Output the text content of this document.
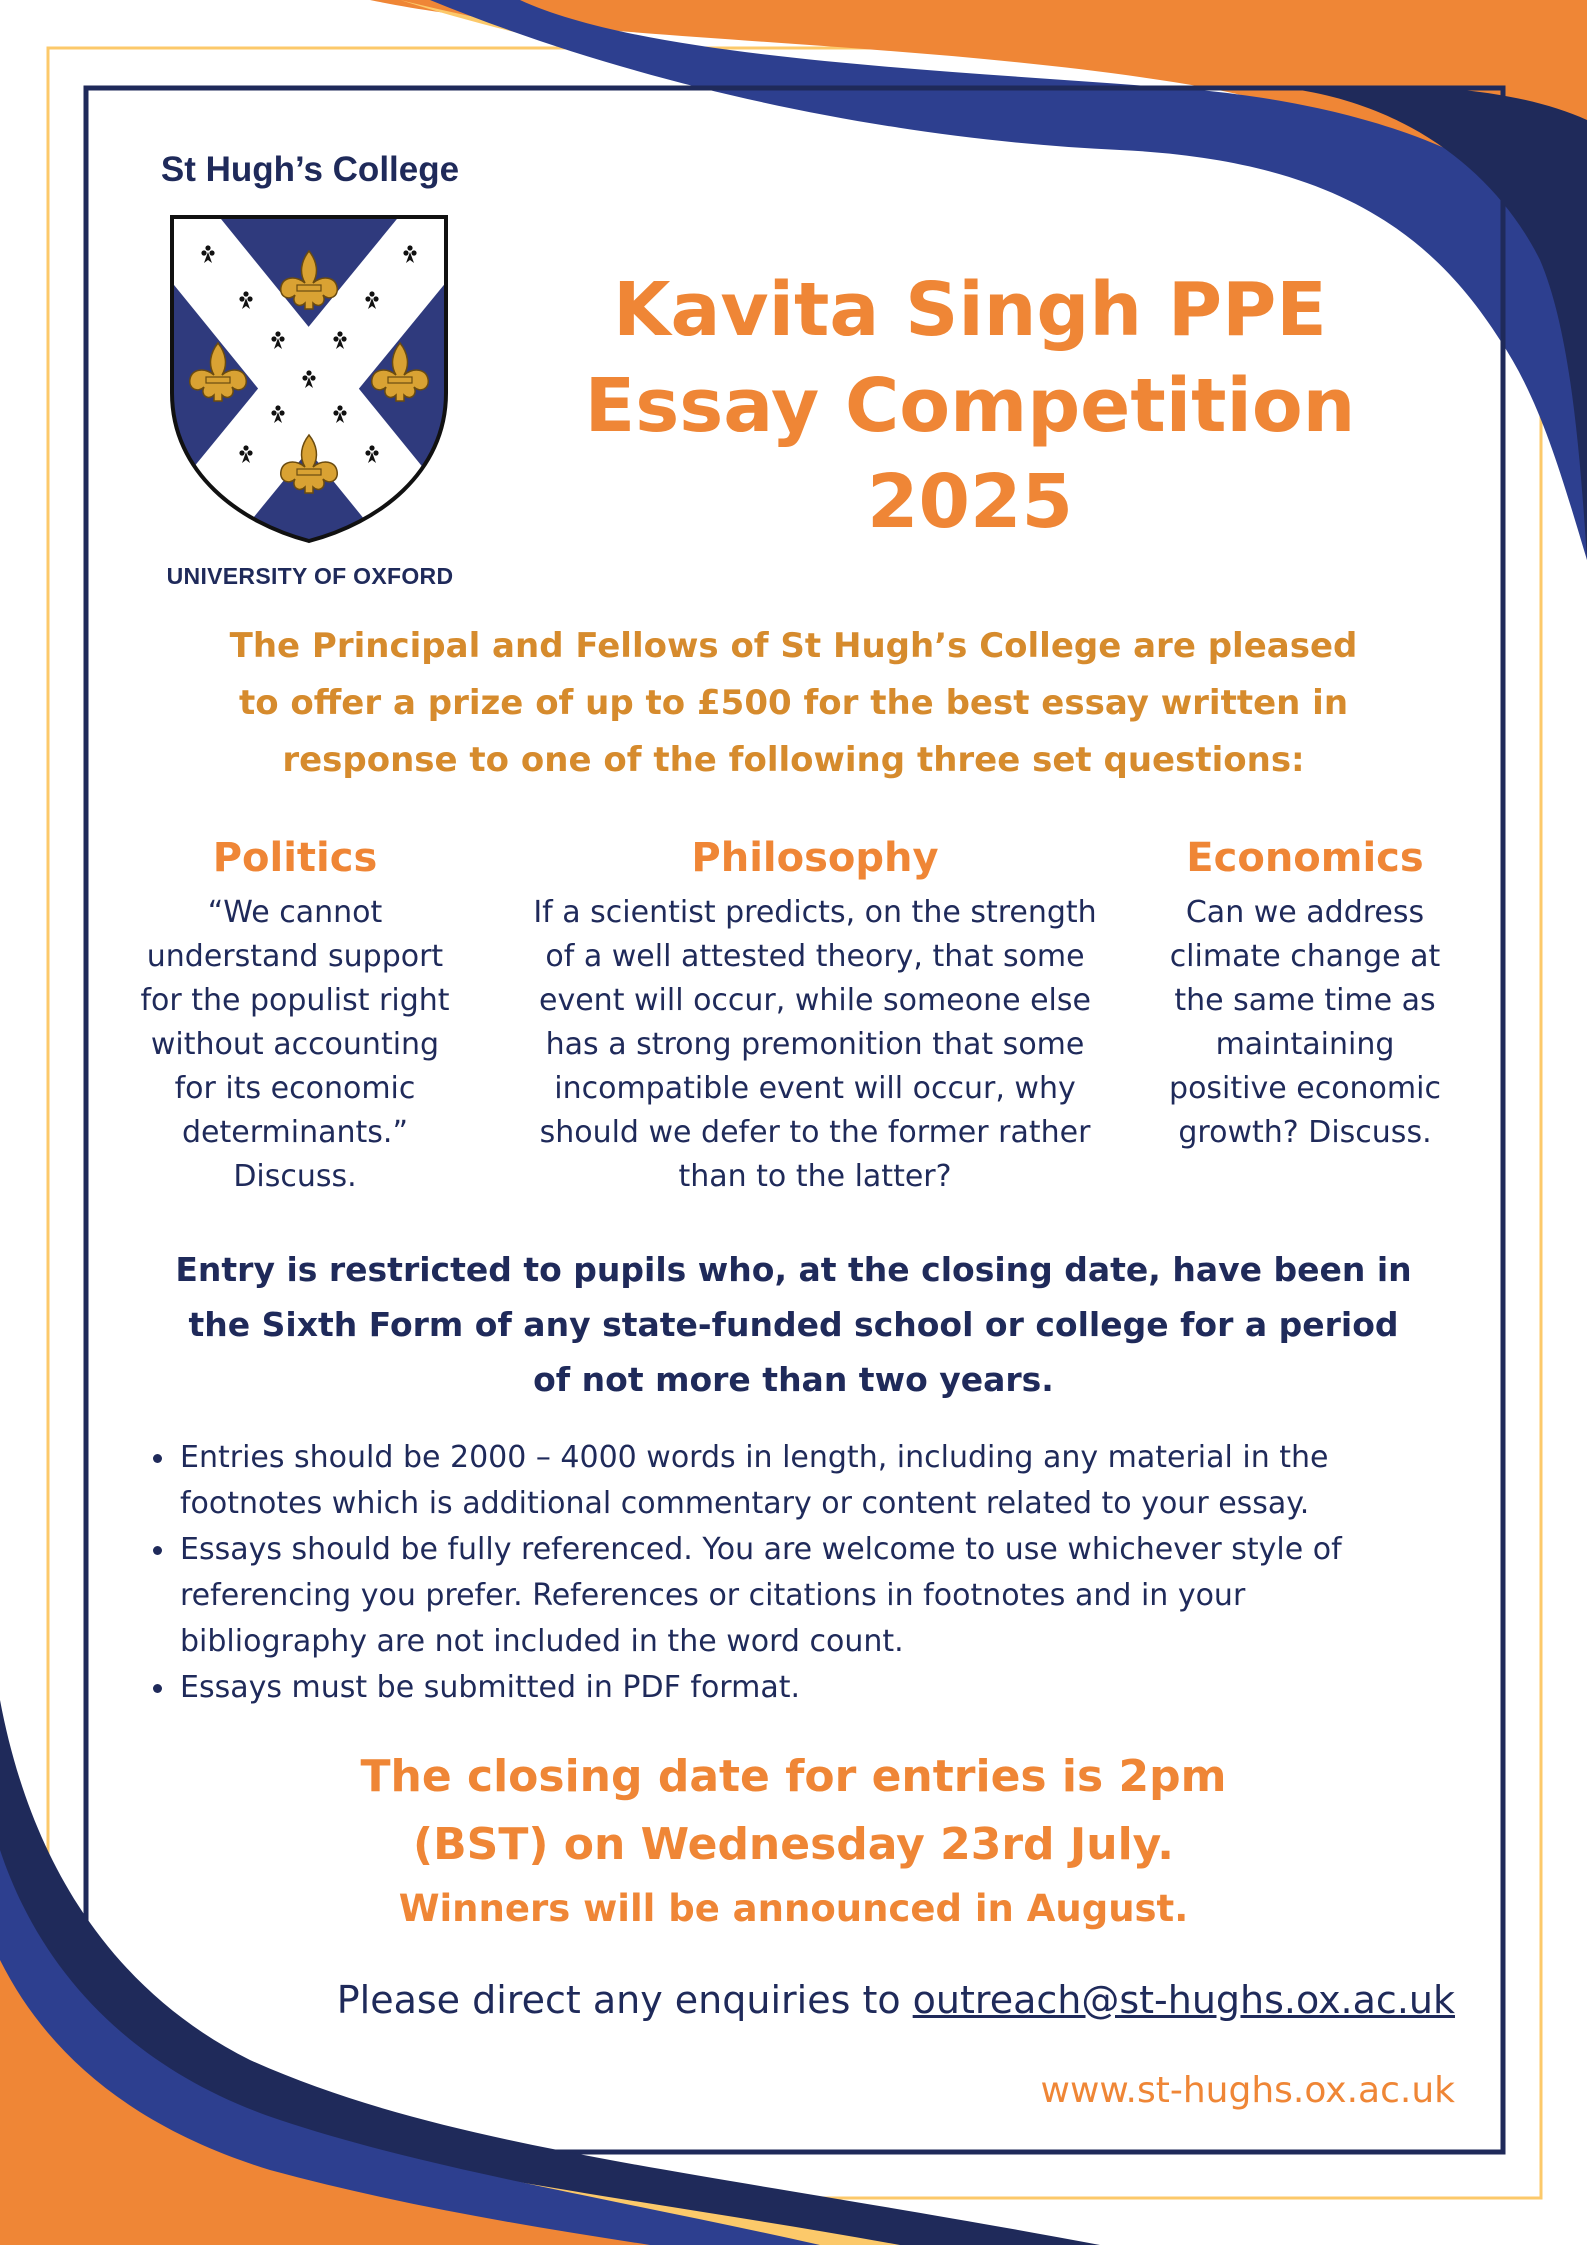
St Hugh’s College
UNIVERSITY OF OXFORD
Kavita Singh PPE
Essay Competition
2025
The Principal and Fellows of St Hugh’s College are pleased
to offer a prize of up to £500 for the best essay written in
response to one of the following three set questions:
Politics
“We cannot
understand support
for the populist right
without accounting
for its economic
determinants.”
Discuss.
Philosophy
If a scientist predicts, on the strength
of a well attested theory, that some
event will occur, while someone else
has a strong premonition that some
incompatible event will occur, why
should we defer to the former rather
than to the latter?
Economics
Can we address
climate change at
the same time as
maintaining
positive economic
growth? Discuss.
Entry is restricted to pupils who, at the closing date, have been in
the Sixth Form of any state-funded school or college for a period
of not more than two years.
Entries should be 2000 – 4000 words in length, including any material in the
footnotes which is additional commentary or content related to your essay.
Essays should be fully referenced. You are welcome to use whichever style of
referencing you prefer. References or citations in footnotes and in your
bibliography are not included in the word count.
Essays must be submitted in PDF format.
The closing date for entries is 2pm
(BST) on Wednesday 23rd July.
Winners will be announced in August.
Please direct any enquiries to outreach@st-hughs.ox.ac.uk
www.st-hughs.ox.ac.uk
